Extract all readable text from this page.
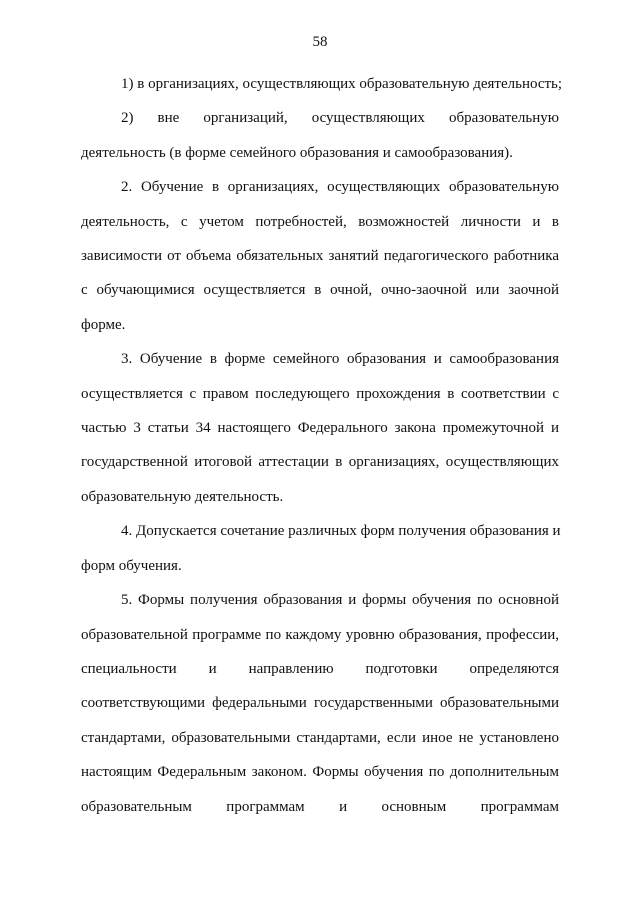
58
1) в организациях, осуществляющих образовательную деятельность;
2) вне организаций, осуществляющих образовательную
деятельность (в форме семейного образования и самообразования).
2. Обучение в организациях, осуществляющих образовательную
деятельность, с учетом потребностей, возможностей личности и в
зависимости от объема обязательных занятий педагогического работника
с обучающимися осуществляется в очной, очно-заочной или заочной
форме.
3. Обучение в форме семейного образования и самообразования
осуществляется с правом последующего прохождения в соответствии с
частью 3 статьи 34 настоящего Федерального закона промежуточной и
государственной итоговой аттестации в организациях, осуществляющих
образовательную деятельность.
4. Допускается сочетание различных форм получения образования и
форм обучения.
5. Формы получения образования и формы обучения по основной
образовательной программе по каждому уровню образования, профессии,
специальности и направлению подготовки определяются
соответствующими федеральными государственными образовательными
стандартами, образовательными стандартами, если иное не установлено
настоящим Федеральным законом. Формы обучения по дополнительным
образовательным программам и основным программам
